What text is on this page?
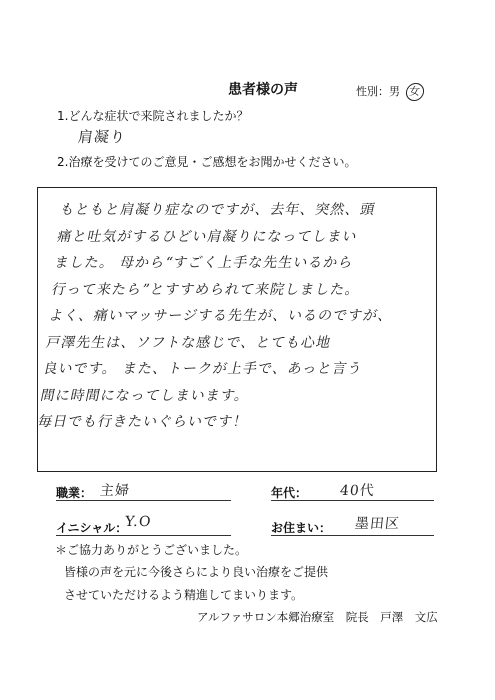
患者様の声	性別：男 女
1.どんな症状で来院されましたか？
肩凝り
2.治療を受けてのご意見・ご感想をお聞かせください。
もともと肩凝り症なのですが、去年、突然、頭
痛と吐気がするひどい肩凝りになってしまい
ました。 母から“すごく上手な先生いるから
行って来たら”とすすめられて来院しました。
よく、痛いマッサージする先生が、いるのですが、
戸澤先生は、ソフトな感じで、とても心地
良いです。 また、トークが上手で、あっと言う
間に時間になってしまいます。
毎日でも行きたいぐらいです！
職業： 主婦	年代： 40代
イニシャル：
Y.O	お住まい： 墨田区
＊ご協力ありがとうございました。
皆様の声を元に今後さらにより良い治療をご提供
させていただけるよう精進してまいります。
アルファサロン本郷治療室　院長　戸澤　文広
